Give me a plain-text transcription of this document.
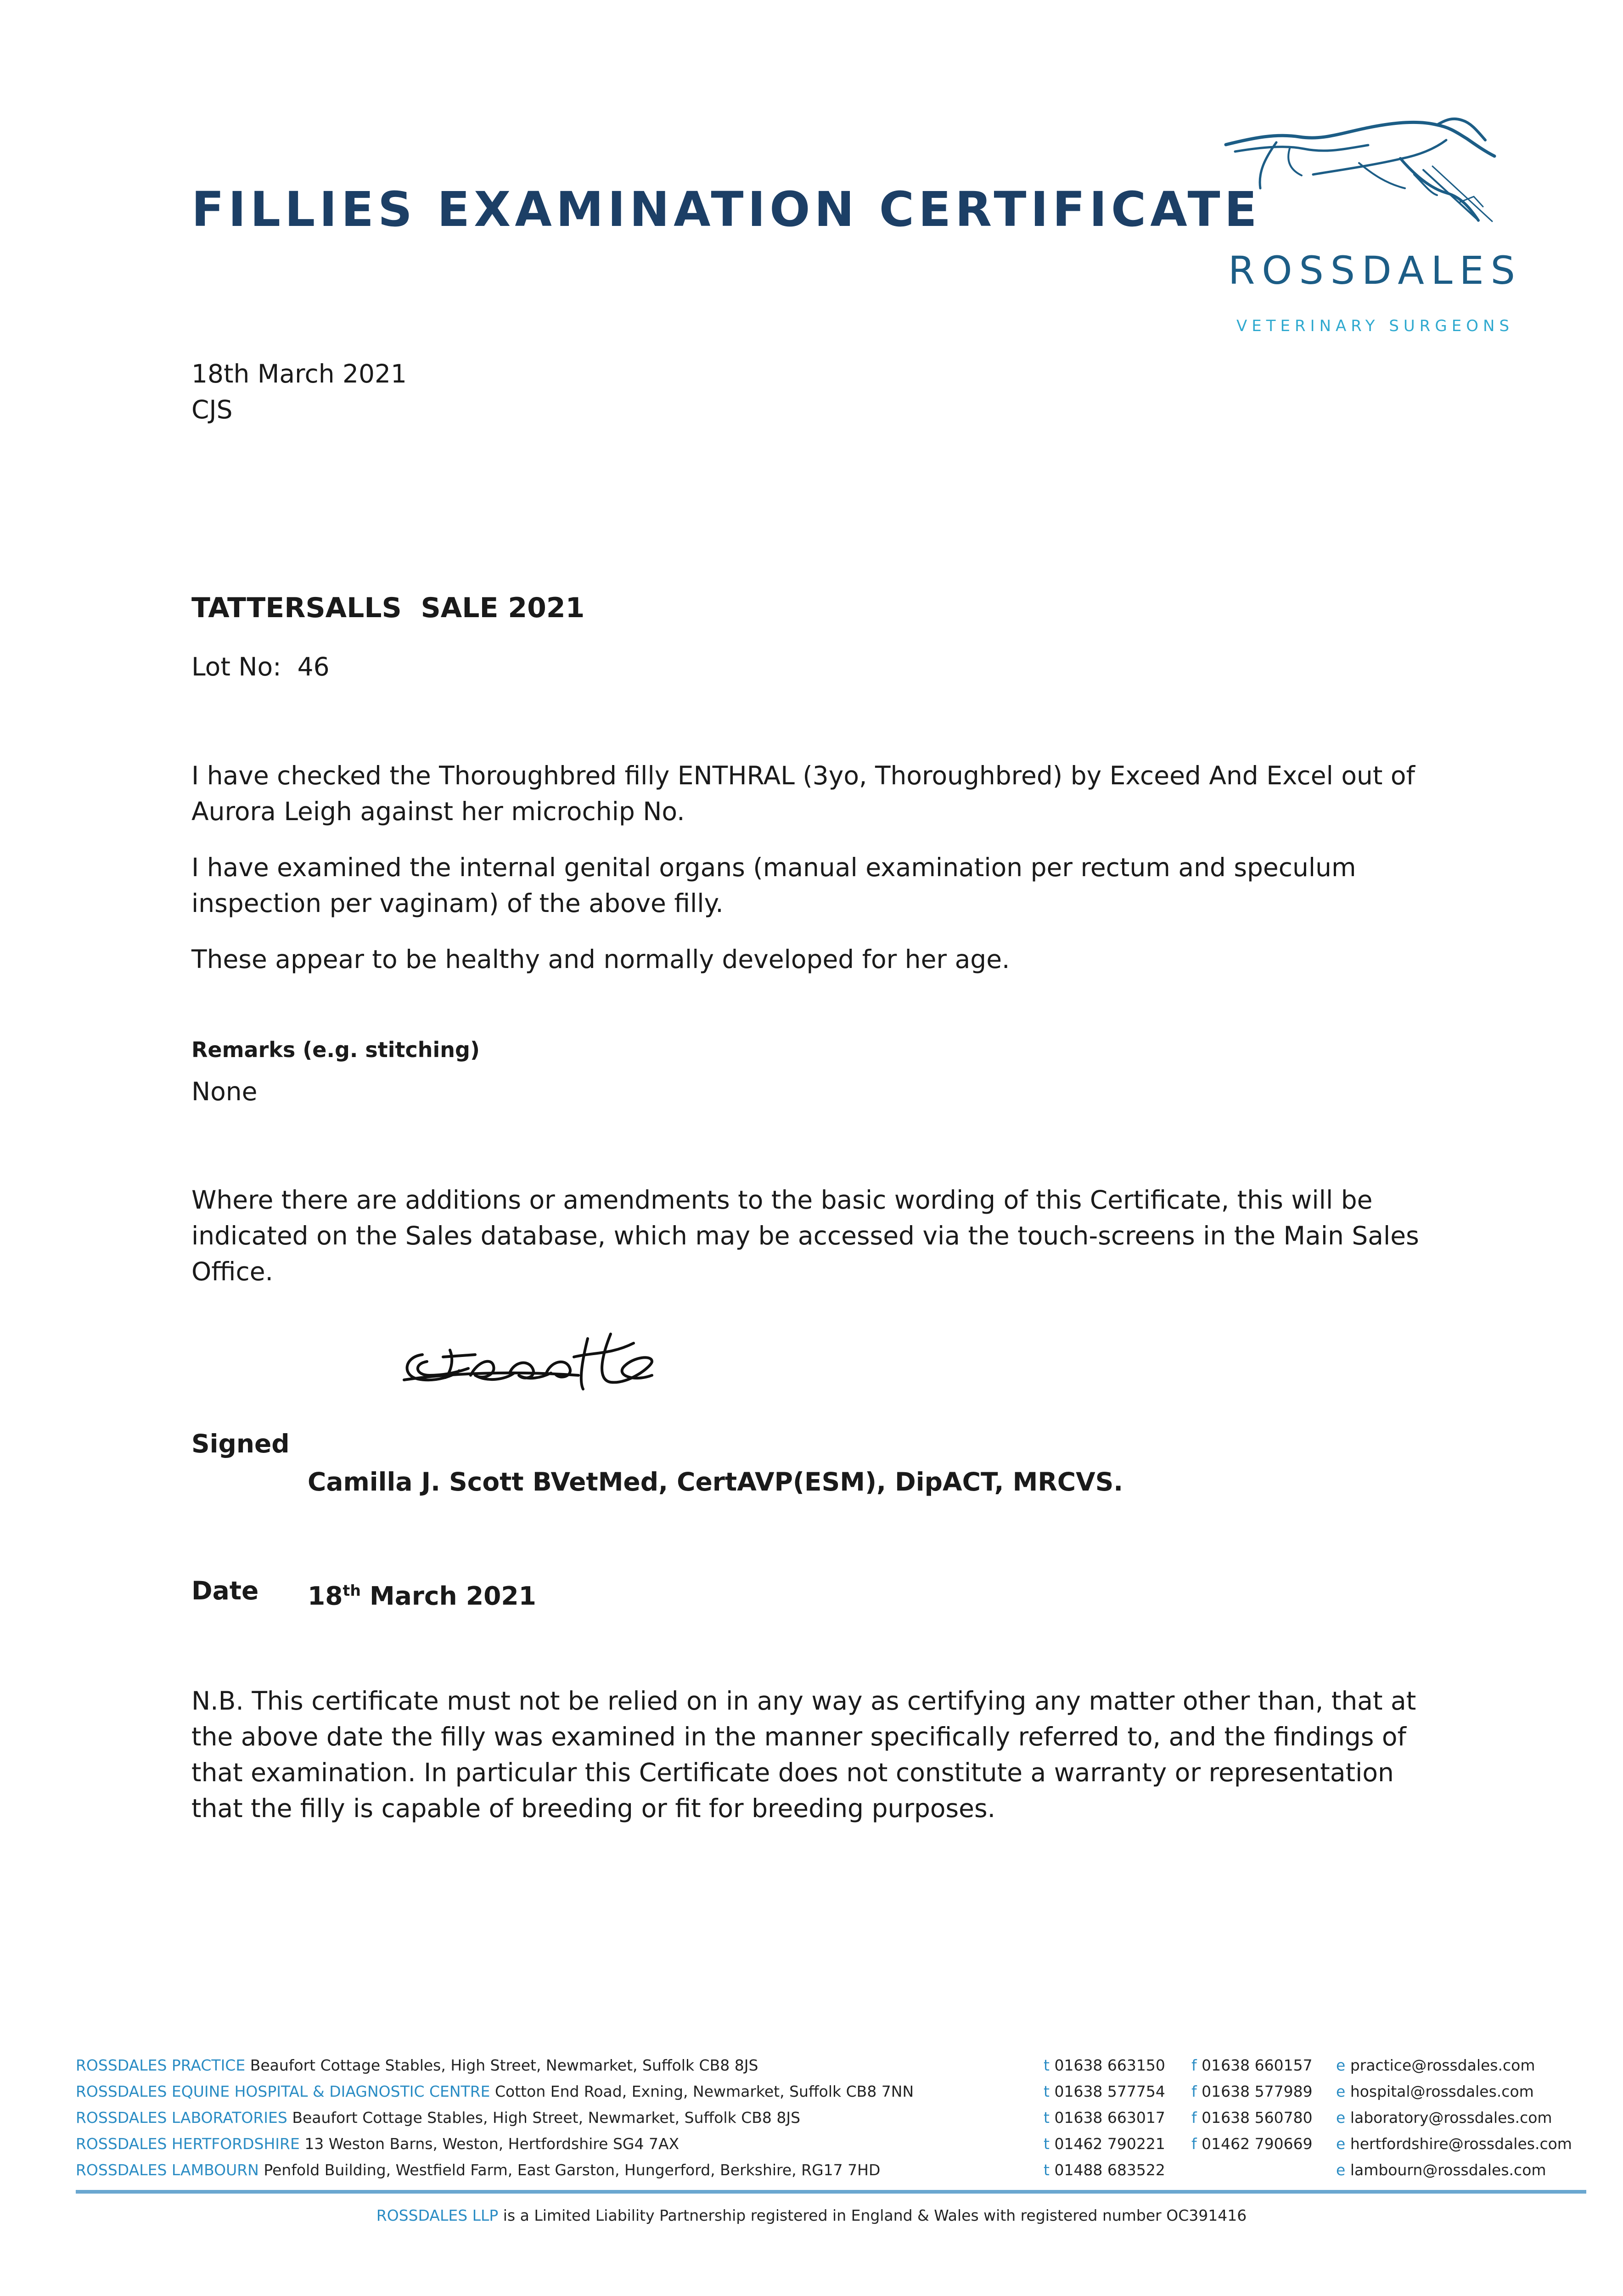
FILLIES EXAMINATION CERTIFICATE
ROSSDALES
VETERINARY SURGEONS
18th March 2021
CJS
TATTERSALLS  SALE 2021
Lot No: 46
I have checked the Thoroughbred filly ENTHRAL (3yo, Thoroughbred) by Exceed And Excel out of Aurora Leigh against her microchip No.
I have examined the internal genital organs (manual examination per rectum and speculum inspection per vaginam) of the above filly.
These appear to be healthy and normally developed for her age.
Remarks (e.g. stitching)
None
Where there are additions or amendments to the basic wording of this Certificate, this will be indicated on the Sales database, which may be accessed via the touch-screens in the Main Sales Office.
Signed
Camilla J. Scott BVetMed, CertAVP(ESM), DipACT, MRCVS.
Date 18th March 2021
N.B. This certificate must not be relied on in any way as certifying any matter other than, that at the above date the filly was examined in the manner specifically referred to, and the findings of that examination. In particular this Certificate does not constitute a warranty or representation that the filly is capable of breeding or fit for breeding purposes.
ROSSDALES PRACTICE Beaufort Cottage Stables, High Street, Newmarket, Suffolk CB8 8JS	t 01638 663150 f 01638 660157 e practice@rossdales.com
ROSSDALES EQUINE HOSPITAL & DIAGNOSTIC CENTRE Cotton End Road, Exning, Newmarket, Suffolk CB8 7NN	t 01638 577754 f 01638 577989 e hospital@rossdales.com
ROSSDALES LABORATORIES Beaufort Cottage Stables, High Street, Newmarket, Suffolk CB8 8JS	t 01638 663017 f 01638 560780 e laboratory@rossdales.com
ROSSDALES HERTFORDSHIRE 13 Weston Barns, Weston, Hertfordshire SG4 7AX	t 01462 790221 f 01462 790669 e hertfordshire@rossdales.com
ROSSDALES LAMBOURN Penfold Building, Westfield Farm, East Garston, Hungerford, Berkshire, RG17 7HD	t 01488 683522	e lambourn@rossdales.com
ROSSDALES LLP is a Limited Liability Partnership registered in England & Wales with registered number OC391416
